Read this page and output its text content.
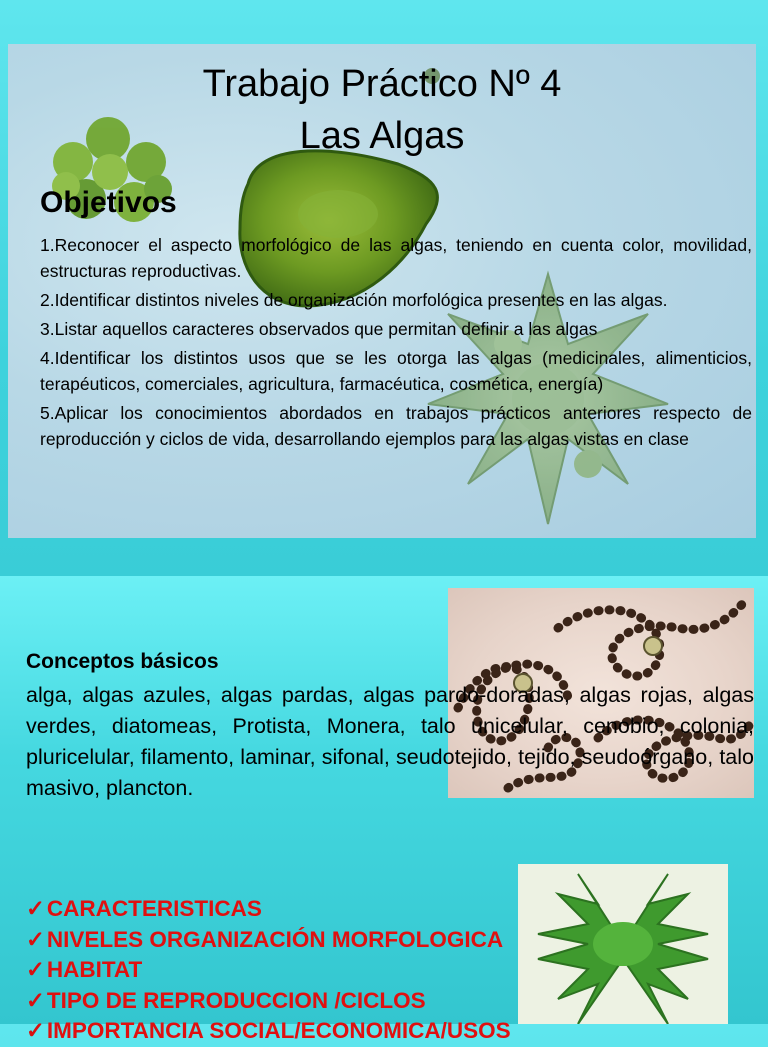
Trabajo Práctico Nº 4
Las Algas
Objetivos
1.Reconocer el aspecto morfológico de las algas, teniendo en cuenta color, movilidad, estructuras reproductivas.
2.Identificar distintos niveles de organización morfológica presentes en las algas.
3.Listar aquellos caracteres observados que permitan definir a las algas
4.Identificar los distintos usos que se les otorga las algas (medicinales, alimenticios, terapéuticos, comerciales, agricultura, farmacéutica, cosmética, energía)
5.Aplicar los conocimientos abordados en trabajos prácticos anteriores respecto de reproducción y ciclos de vida, desarrollando ejemplos para las algas vistas en clase
Conceptos básicos
alga, algas azules, algas pardas, algas pardo-doradas, algas rojas, algas verdes, diatomeas, Protista, Monera, talo unicelular, cenobio, colonia, pluricelular, filamento, laminar, sifonal, seudotejido, tejido, seudoórgano, talo masivo, plancton.
✓CARACTERISTICAS
✓NIVELES ORGANIZACIÓN MORFOLOGICA
✓HABITAT
✓TIPO DE REPRODUCCION /CICLOS
✓IMPORTANCIA SOCIAL/ECONOMICA/USOS
